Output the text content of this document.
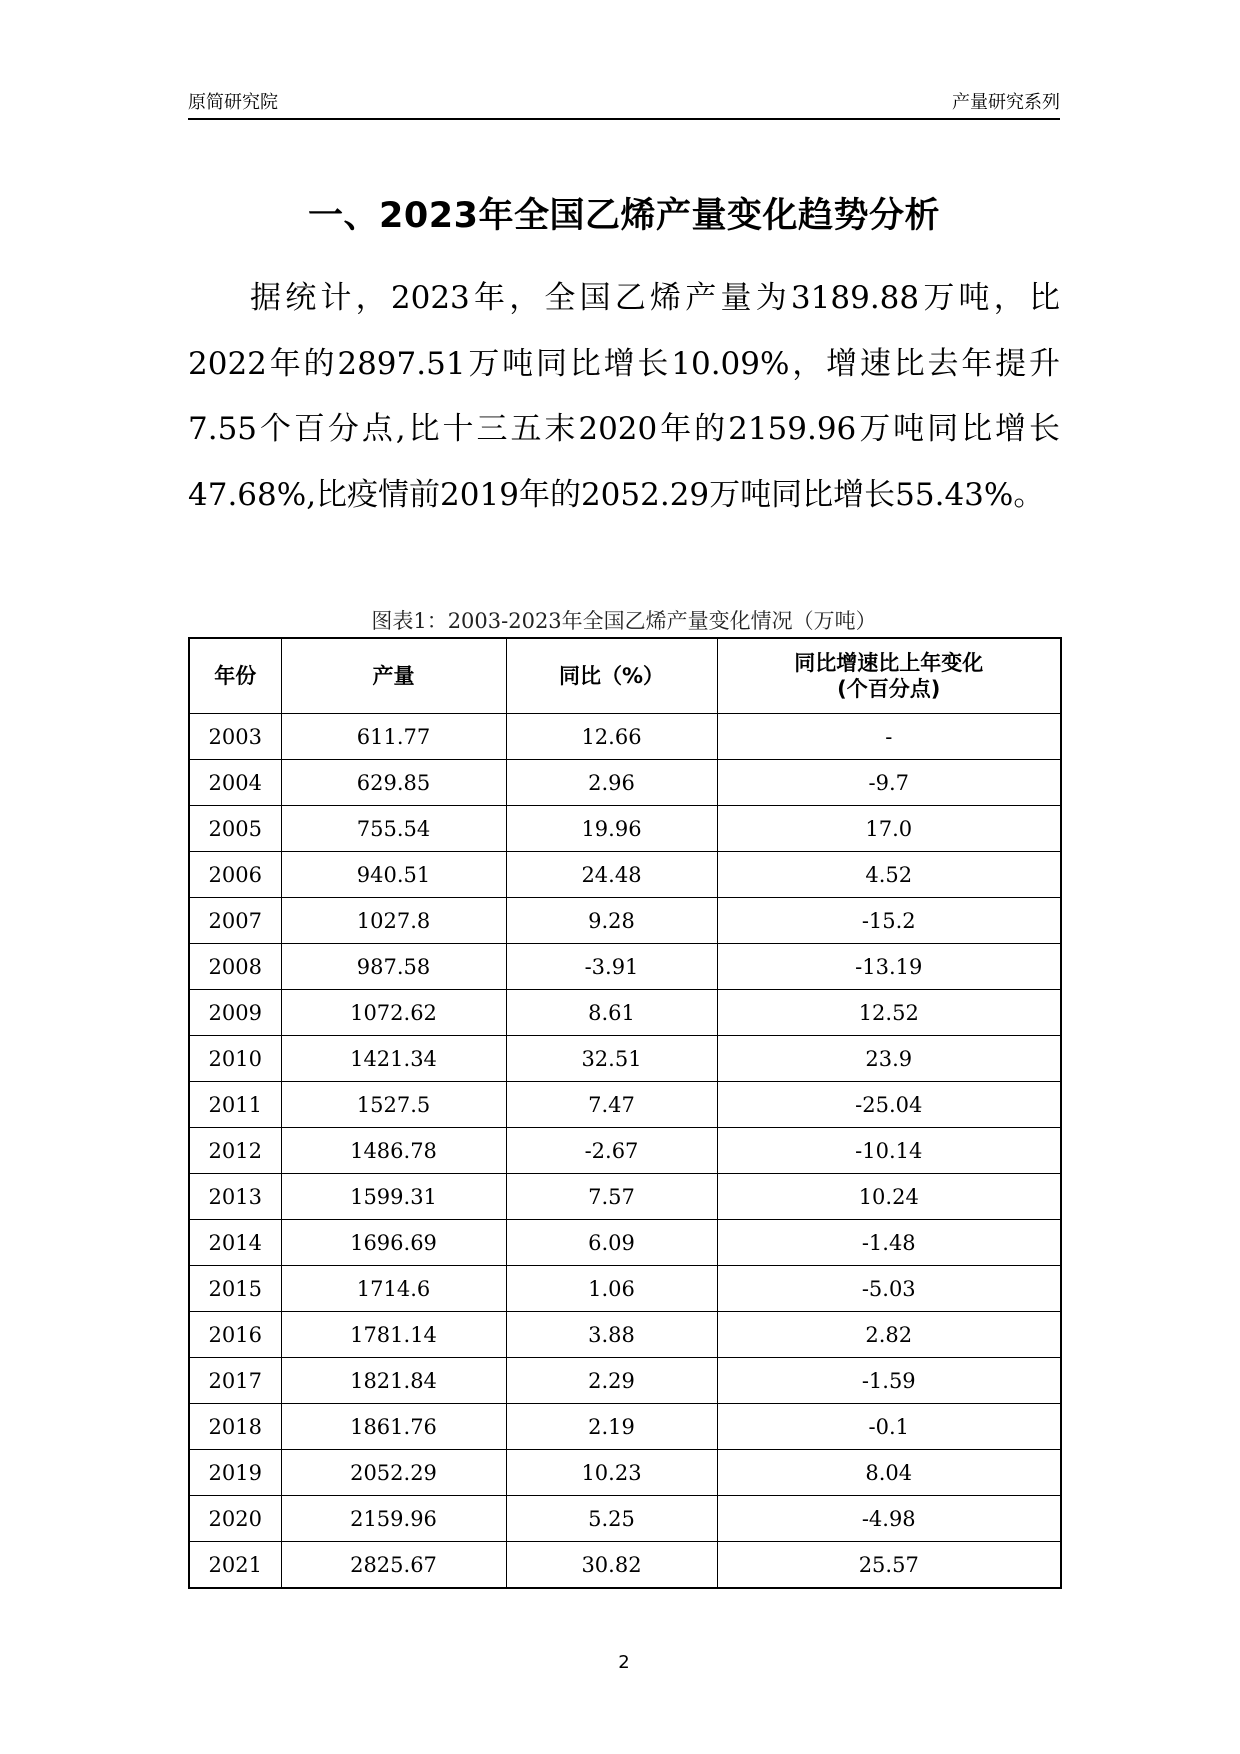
原简研究院	产量研究系列
一、2023年全国乙烯产量变化趋势分析

据统计，2023年，全国乙烯产量为3189.88万吨，比2022年的2897.51万吨同比增长10.09%，增速比去年提升7.55个百分点,比十三五末2020年的2159.96万吨同比增长47.68%,比疫情前2019年的2052.29万吨同比增长55.43%。

图表1：2003-2023年全国乙烯产量变化情况（万吨）
年份	产量	同比（%）	同比增速比上年变化
(个百分点)

2003	611.77	12.66	-
2004	629.85	2.96	-9.7
2005	755.54	19.96	17.0
2006	940.51	24.48	4.52
2007	1027.8	9.28	-15.2
2008	987.58	-3.91	-13.19
2009	1072.62	8.61	12.52
2010	1421.34	32.51	23.9
2011	1527.5	7.47	-25.04
2012	1486.78	-2.67	-10.14
2013	1599.31	7.57	10.24
2014	1696.69	6.09	-1.48
2015	1714.6	1.06	-5.03
2016	1781.14	3.88	2.82
2017	1821.84	2.29	-1.59
2018	1861.76	2.19	-0.1
2019	2052.29	10.23	8.04
2020	2159.96	5.25	-4.98
2021	2825.67	30.82	25.57
2
